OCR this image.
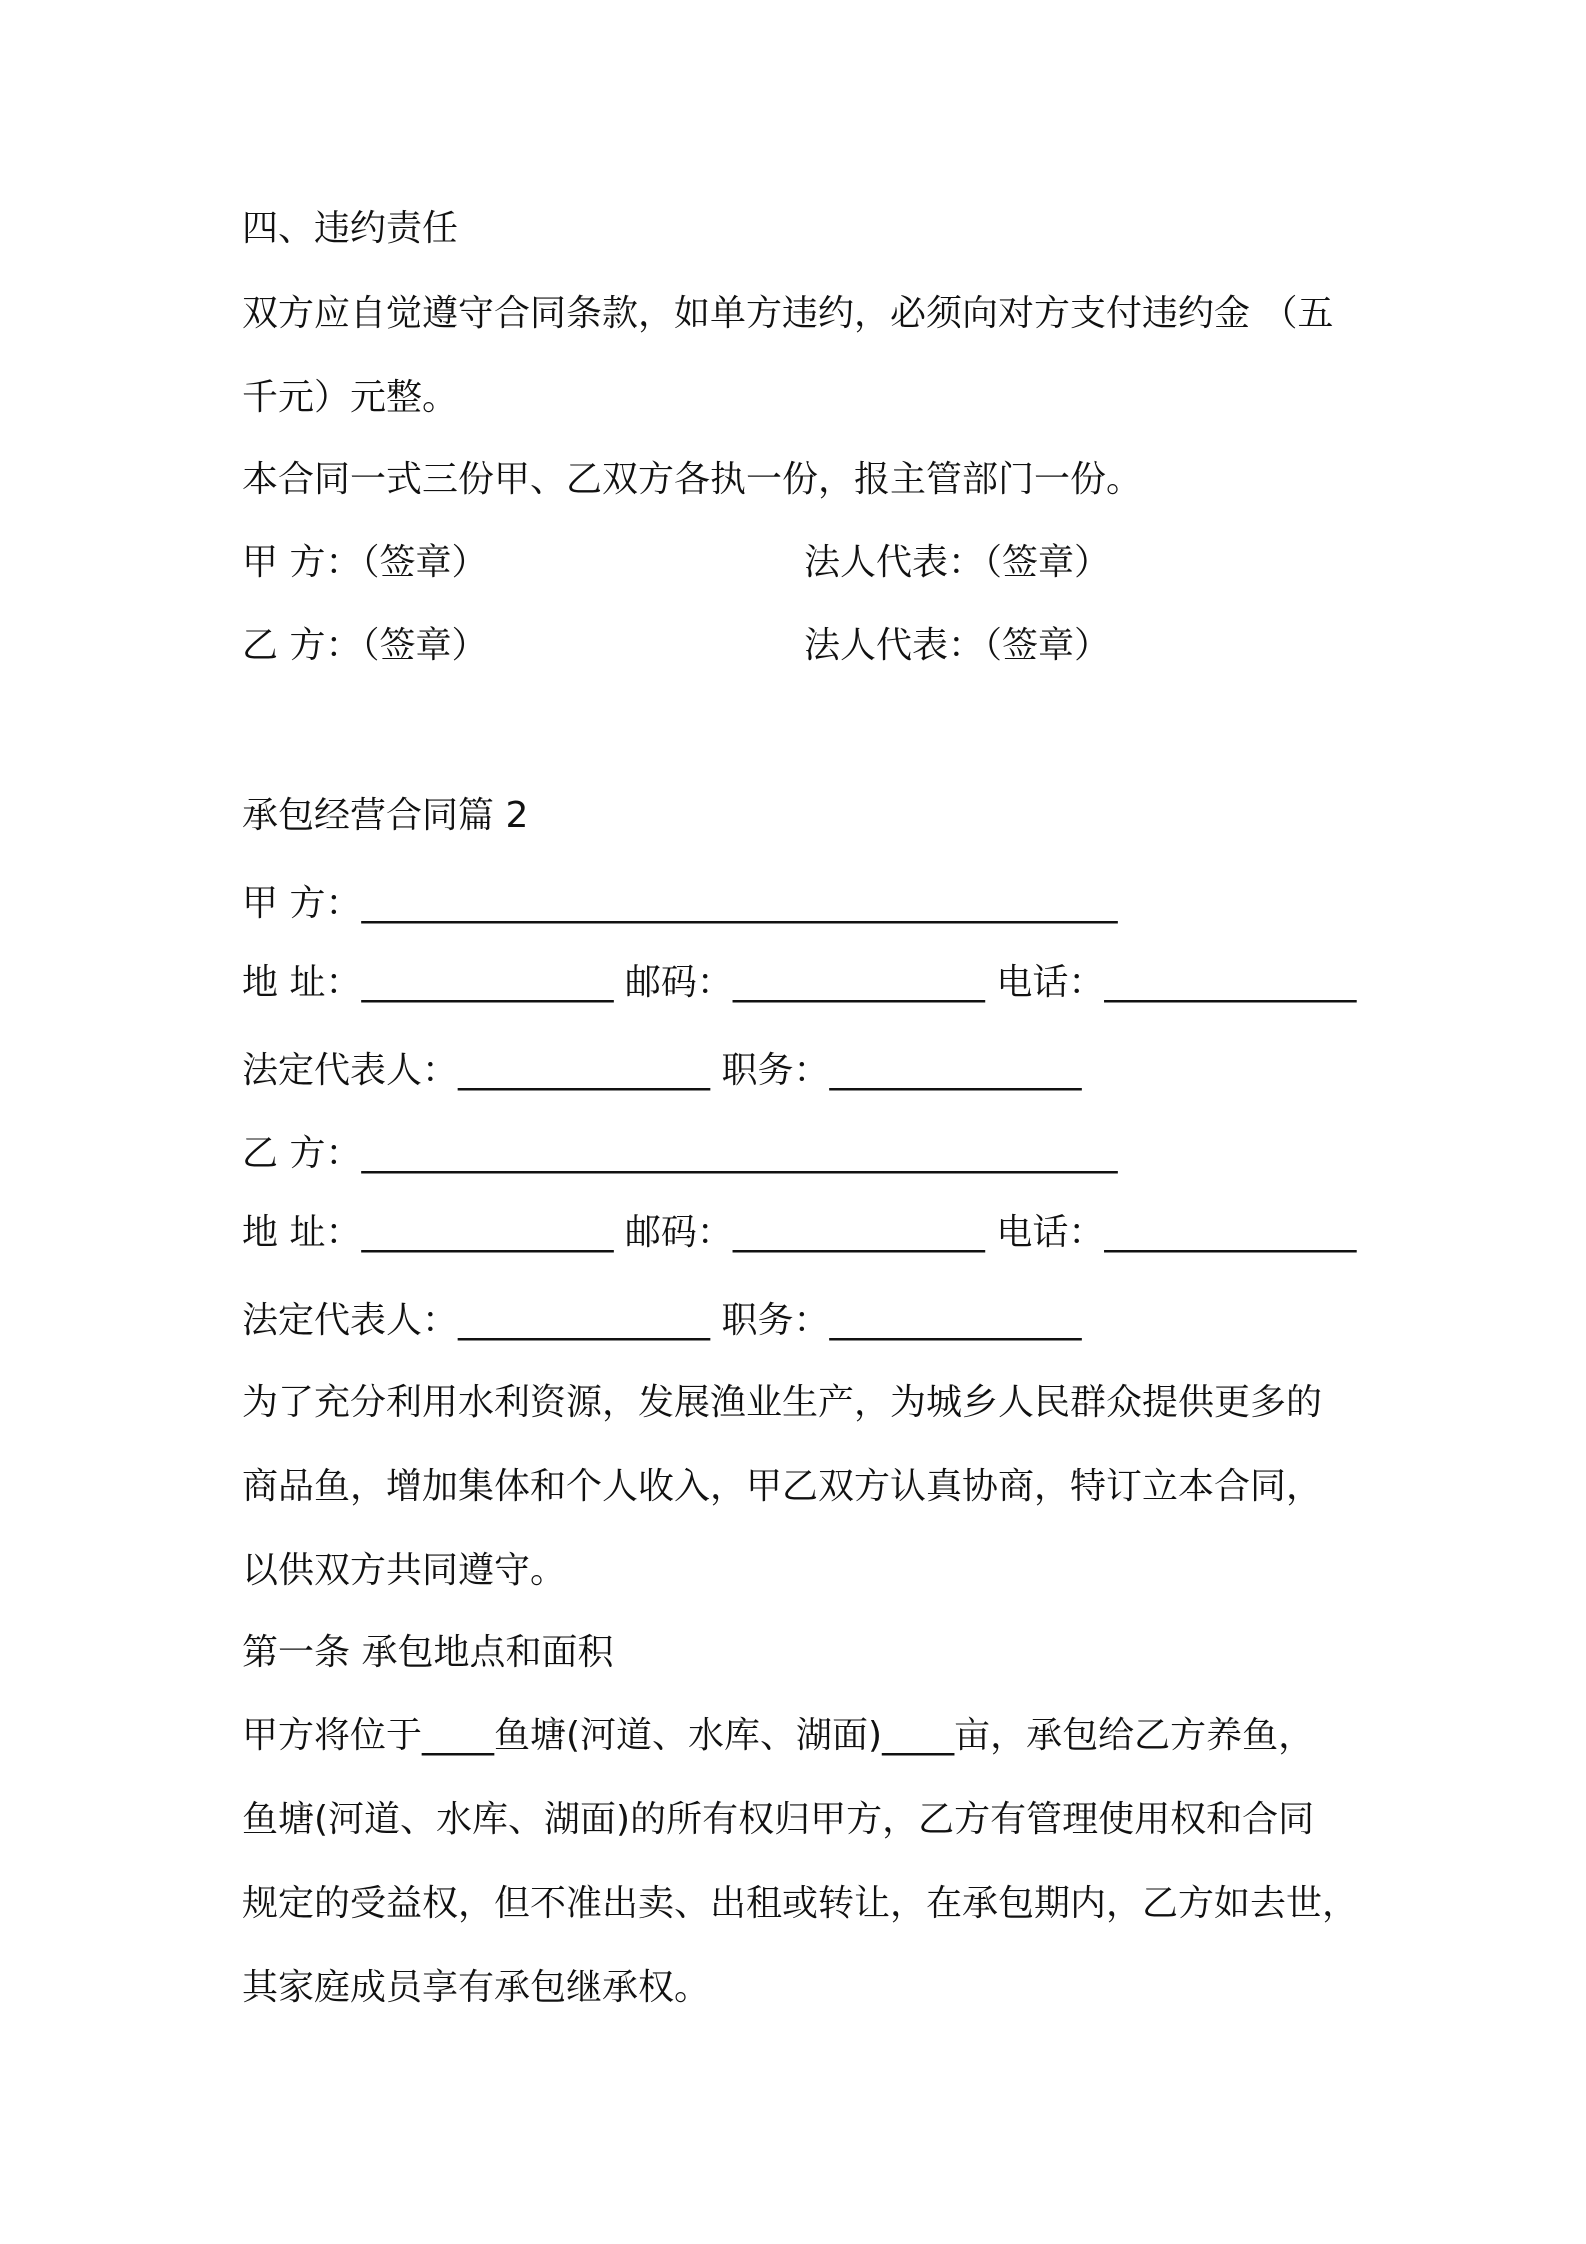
四、违约责任
双方应自觉遵守合同条款，如单方违约，必须向对方支付违约金 （五
千元）元整。
本合同一式三份甲、乙双方各执一份，报主管部门一份。
甲 方：（签章）	法人代表：（签章）
乙 方：（签章）	法人代表：（签章）
承包经营合同篇 2
甲 方：__________________________________________
地 址：______________ 邮码：______________ 电话：______________
法定代表人：______________ 职务：______________
乙 方：__________________________________________
地 址：______________ 邮码：______________ 电话：______________
法定代表人：______________ 职务：______________
为了充分利用水利资源，发展渔业生产，为城乡人民群众提供更多的
商品鱼，增加集体和个人收入，甲乙双方认真协商，特订立本合同，
以供双方共同遵守。
第一条 承包地点和面积
甲方将位于____鱼塘(河道、水库、湖面)____亩，承包给乙方养鱼，
鱼塘(河道、水库、湖面)的所有权归甲方，乙方有管理使用权和合同
规定的受益权，但不准出卖、出租或转让，在承包期内，乙方如去世，
其家庭成员享有承包继承权。
